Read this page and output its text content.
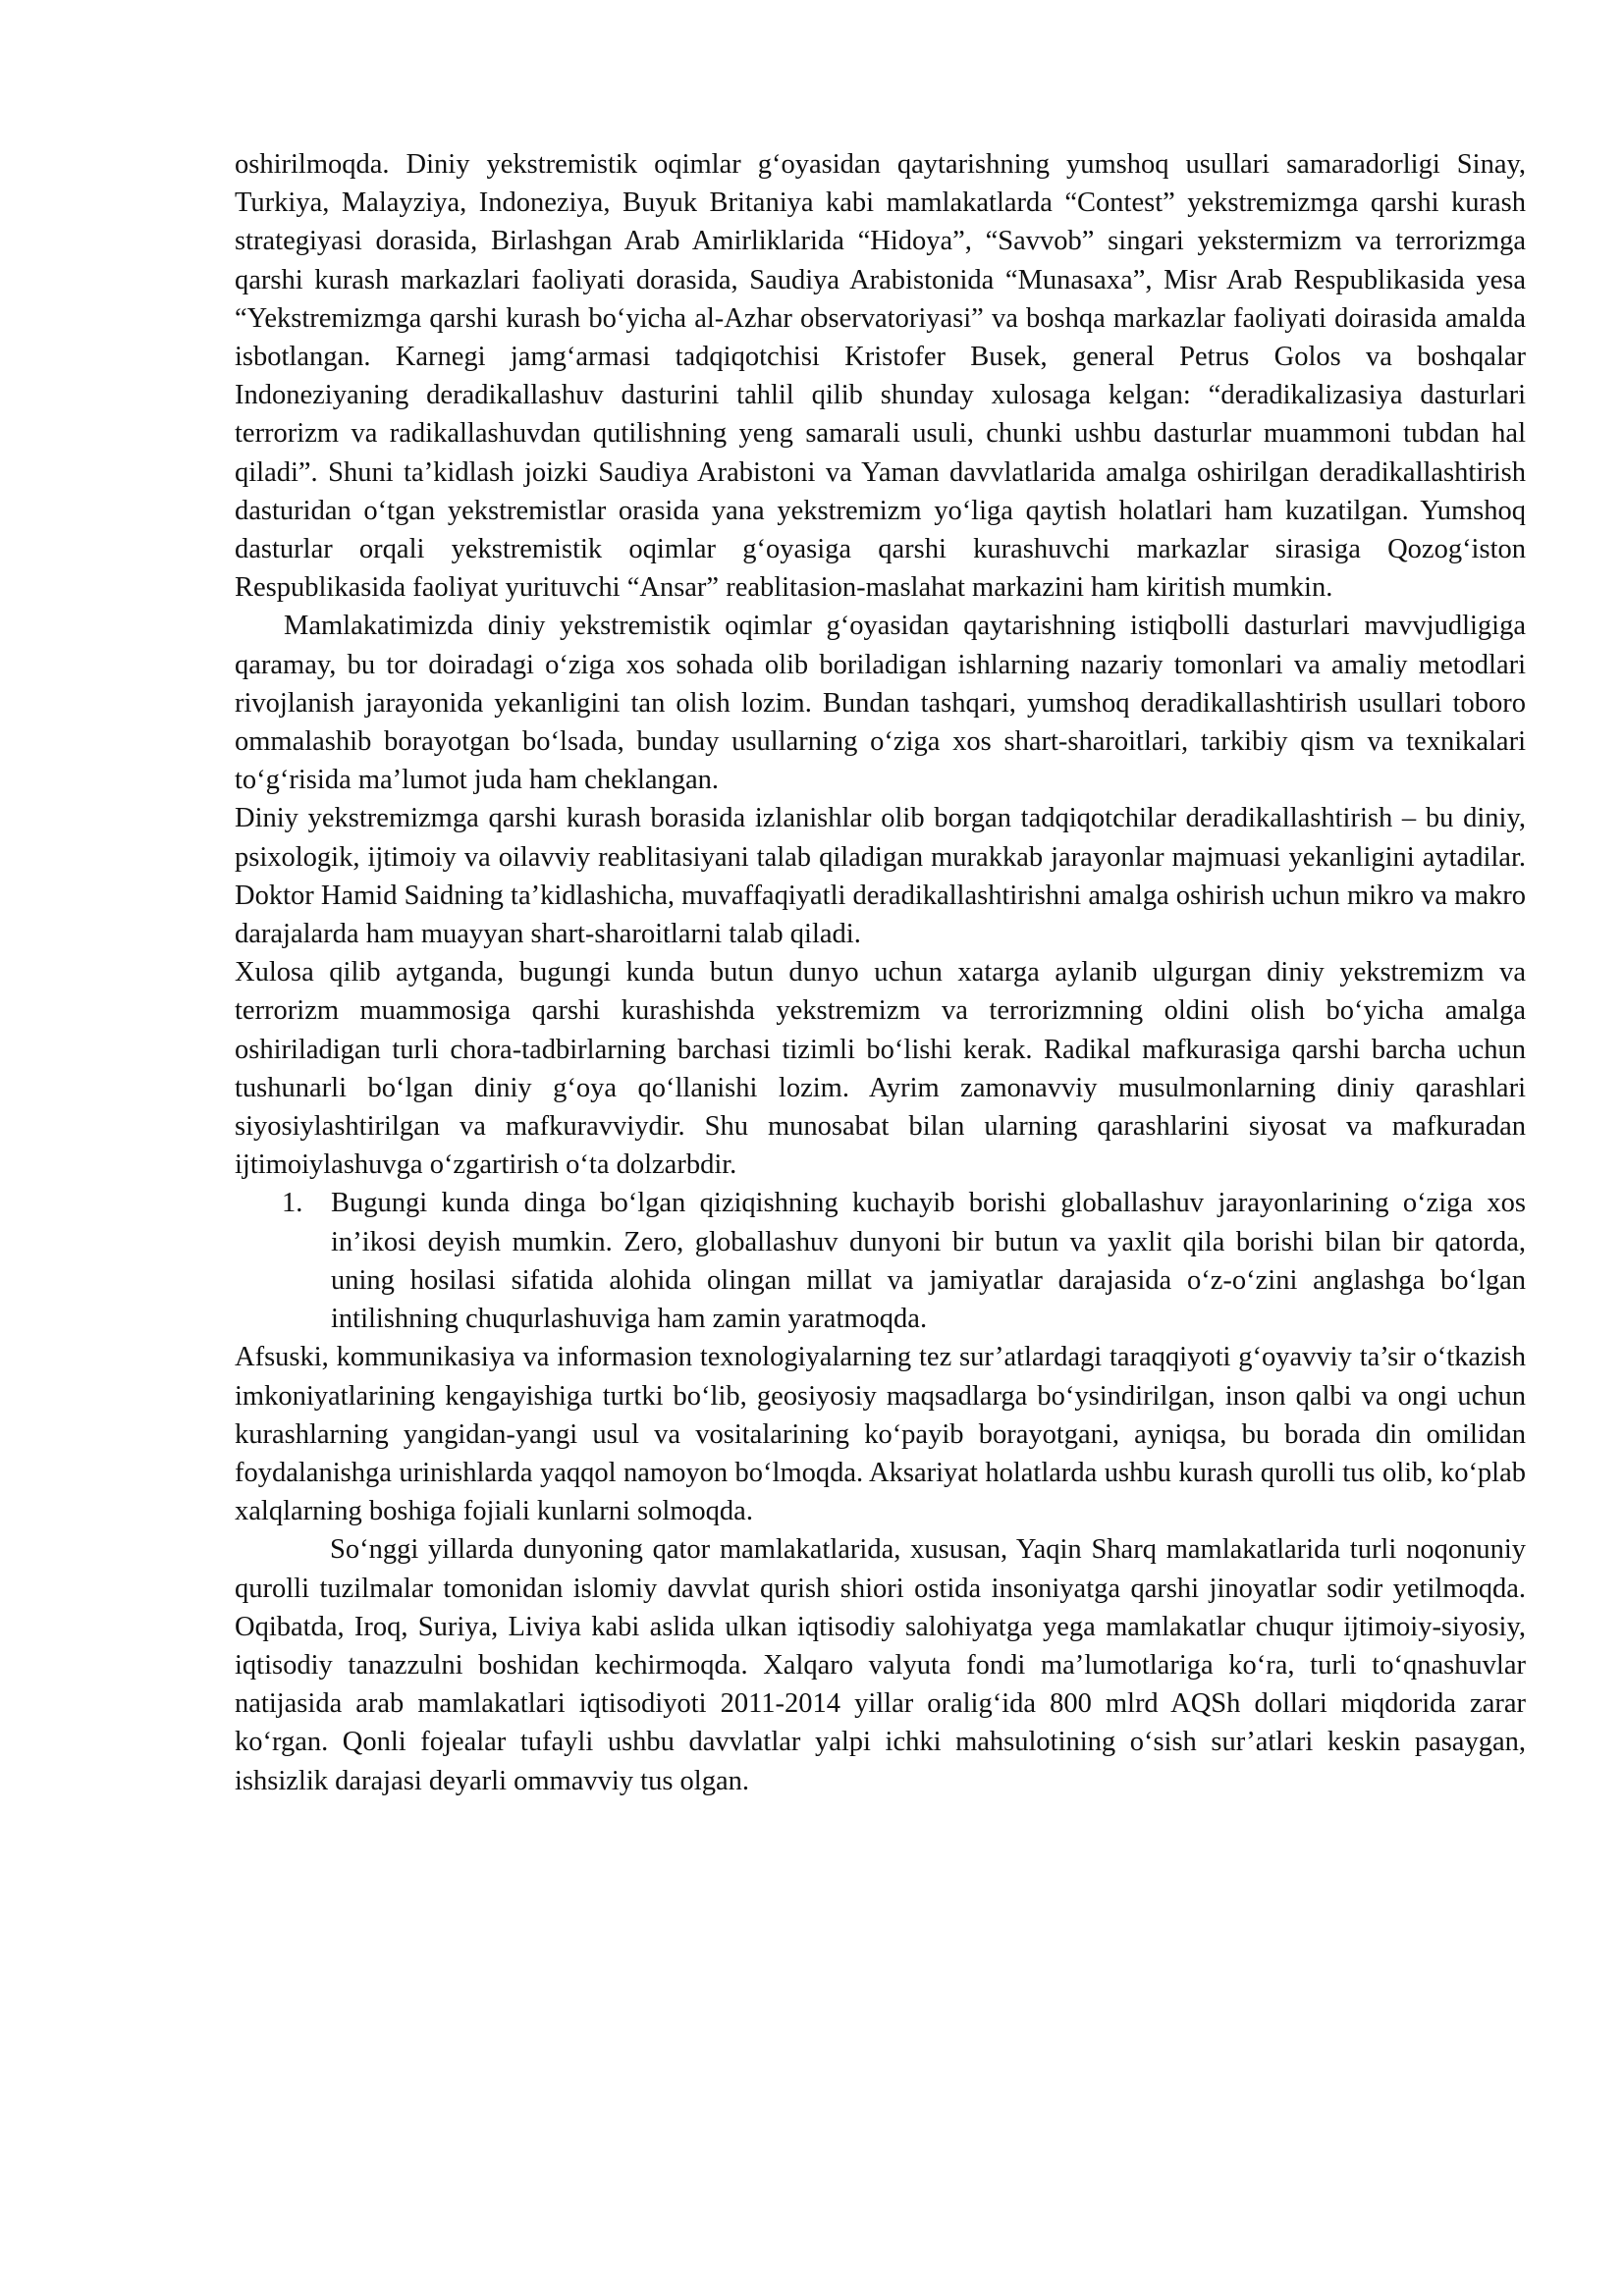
oshirilmoqda. Diniy yekstremistik oqimlar g‘oyasidan qaytarishning yumshoq usullari samaradorligi Sinay, Turkiya, Malayziya, Indoneziya, Buyuk Britaniya kabi mamlakatlarda “Contest” yekstremizmga qarshi kurash strategiyasi dorasida, Birlashgan Arab Amirliklarida “Hidoya”, “Savvob” singari yekstermizm va terrorizmga qarshi kurash markazlari faoliyati dorasida, Saudiya Arabistonida “Munasaxa”, Misr Arab Respublikasida yesa “Yekstremizmga qarshi kurash bo‘yicha al-Azhar observatoriyasi” va boshqa markazlar faoliyati doirasida amalda isbotlangan. Karnegi jamg‘armasi tadqiqotchisi Kristofer Busek, general Petrus Golos va boshqalar Indoneziyaning deradikallashuv dasturini tahlil qilib shunday xulosaga kelgan: “deradikalizasiya dasturlari terrorizm va radikallashuvdan qutilishning yeng samarali usuli, chunki ushbu dasturlar muammoni tubdan hal qiladi”. Shuni ta’kidlash joizki Saudiya Arabistoni va Yaman davvlatlarida amalga oshirilgan deradikallashtirish dasturidan o‘tgan yekstremistlar orasida yana yekstremizm yo‘liga qaytish holatlari ham kuzatilgan. Yumshoq dasturlar orqali yekstremistik oqimlar g‘oyasiga qarshi kurashuvchi markazlar sirasiga Qozog‘iston Respublikasida faoliyat yurituvchi “Ansar” reablitasion-maslahat markazini ham kiritish mumkin.

Mamlakatimizda diniy yekstremistik oqimlar g‘oyasidan qaytarishning istiqbolli dasturlari mavvjudligiga qaramay, bu tor doiradagi o‘ziga xos sohada olib boriladigan ishlarning nazariy tomonlari va amaliy metodlari rivojlanish jarayonida yekanligini tan olish lozim. Bundan tashqari, yumshoq deradikallashtirish usullari toboro ommalashib borayotgan bo‘lsada, bunday usullarning o‘ziga xos shart-sharoitlari, tarkibiy qism va texnikalari to‘g‘risida ma’lumot juda ham cheklangan.

Diniy yekstremizmga qarshi kurash borasida izlanishlar olib borgan tadqiqotchilar deradikallashtirish – bu diniy, psixologik, ijtimoiy va oilavviy reablitasiyani talab qiladigan murakkab jarayonlar majmuasi yekanligini aytadilar. Doktor Hamid Saidning ta’kidlashicha, muvaffaqiyatli deradikallashtirishni amalga oshirish uchun mikro va makro darajalarda ham muayyan shart-sharoitlarni talab qiladi.

Xulosa qilib aytganda, bugungi kunda butun dunyo uchun xatarga aylanib ulgurgan diniy yekstremizm va terrorizm muammosiga qarshi kurashishda yekstremizm va terrorizmning oldini olish bo‘yicha amalga oshiriladigan turli chora-tadbirlarning barchasi tizimli bo‘lishi kerak. Radikal mafkurasiga qarshi barcha uchun tushunarli bo‘lgan diniy g‘oya qo‘llanishi lozim. Ayrim zamonavviy musulmonlarning diniy qarashlari siyosiylashtirilgan va mafkuravviydir. Shu munosabat bilan ularning qarashlarini siyosat va mafkuradan ijtimoiylashuvga o‘zgartirish o‘ta dolzarbdir.

1. Bugungi kunda dinga bo‘lgan qiziqishning kuchayib borishi globallashuv jarayonlarining o‘ziga xos in’ikosi deyish mumkin. Zero, globallashuv dunyoni bir butun va yaxlit qila borishi bilan bir qatorda, uning hosilasi sifatida alohida olingan millat va jamiyatlar darajasida o‘z-o‘zini anglashga bo‘lgan intilishning chuqurlashuviga ham zamin yaratmoqda.

Afsuski, kommunikasiya va informasion texnologiyalarning tez sur’atlardagi taraqqiyoti g‘oyavviy ta’sir o‘tkazish imkoniyatlarining kengayishiga turtki bo‘lib, geosiyosiy maqsadlarga bo‘ysindirilgan, inson qalbi va ongi uchun kurashlarning yangidan-yangi usul va vositalarining ko‘payib borayotgani, ayniqsa, bu borada din omilidan foydalanishga urinishlarda yaqqol namoyon bo‘lmoqda. Aksariyat holatlarda ushbu kurash qurolli tus olib, ko‘plab xalqlarning boshiga fojiali kunlarni solmoqda.

So‘nggi yillarda dunyoning qator mamlakatlarida, xususan, Yaqin Sharq mamlakatlarida turli noqonuniy qurolli tuzilmalar tomonidan islomiy davvlat qurish shiori ostida insoniyatga qarshi jinoyatlar sodir yetilmoqda. Oqibatda, Iroq, Suriya, Liviya kabi aslida ulkan iqtisodiy salohiyatga yega mamlakatlar chuqur ijtimoiy-siyosiy, iqtisodiy tanazzulni boshidan kechirmoqda. Xalqaro valyuta fondi ma’lumotlariga ko‘ra, turli to‘qnashuvlar natijasida arab mamlakatlari iqtisodiyoti 2011-2014 yillar oralig‘ida 800 mlrd AQSh dollari miqdorida zarar ko‘rgan. Qonli fojealar tufayli ushbu davvlatlar yalpi ichki mahsulotining o‘sish sur’atlari keskin pasaygan, ishsizlik darajasi deyarli ommavviy tus olgan.
